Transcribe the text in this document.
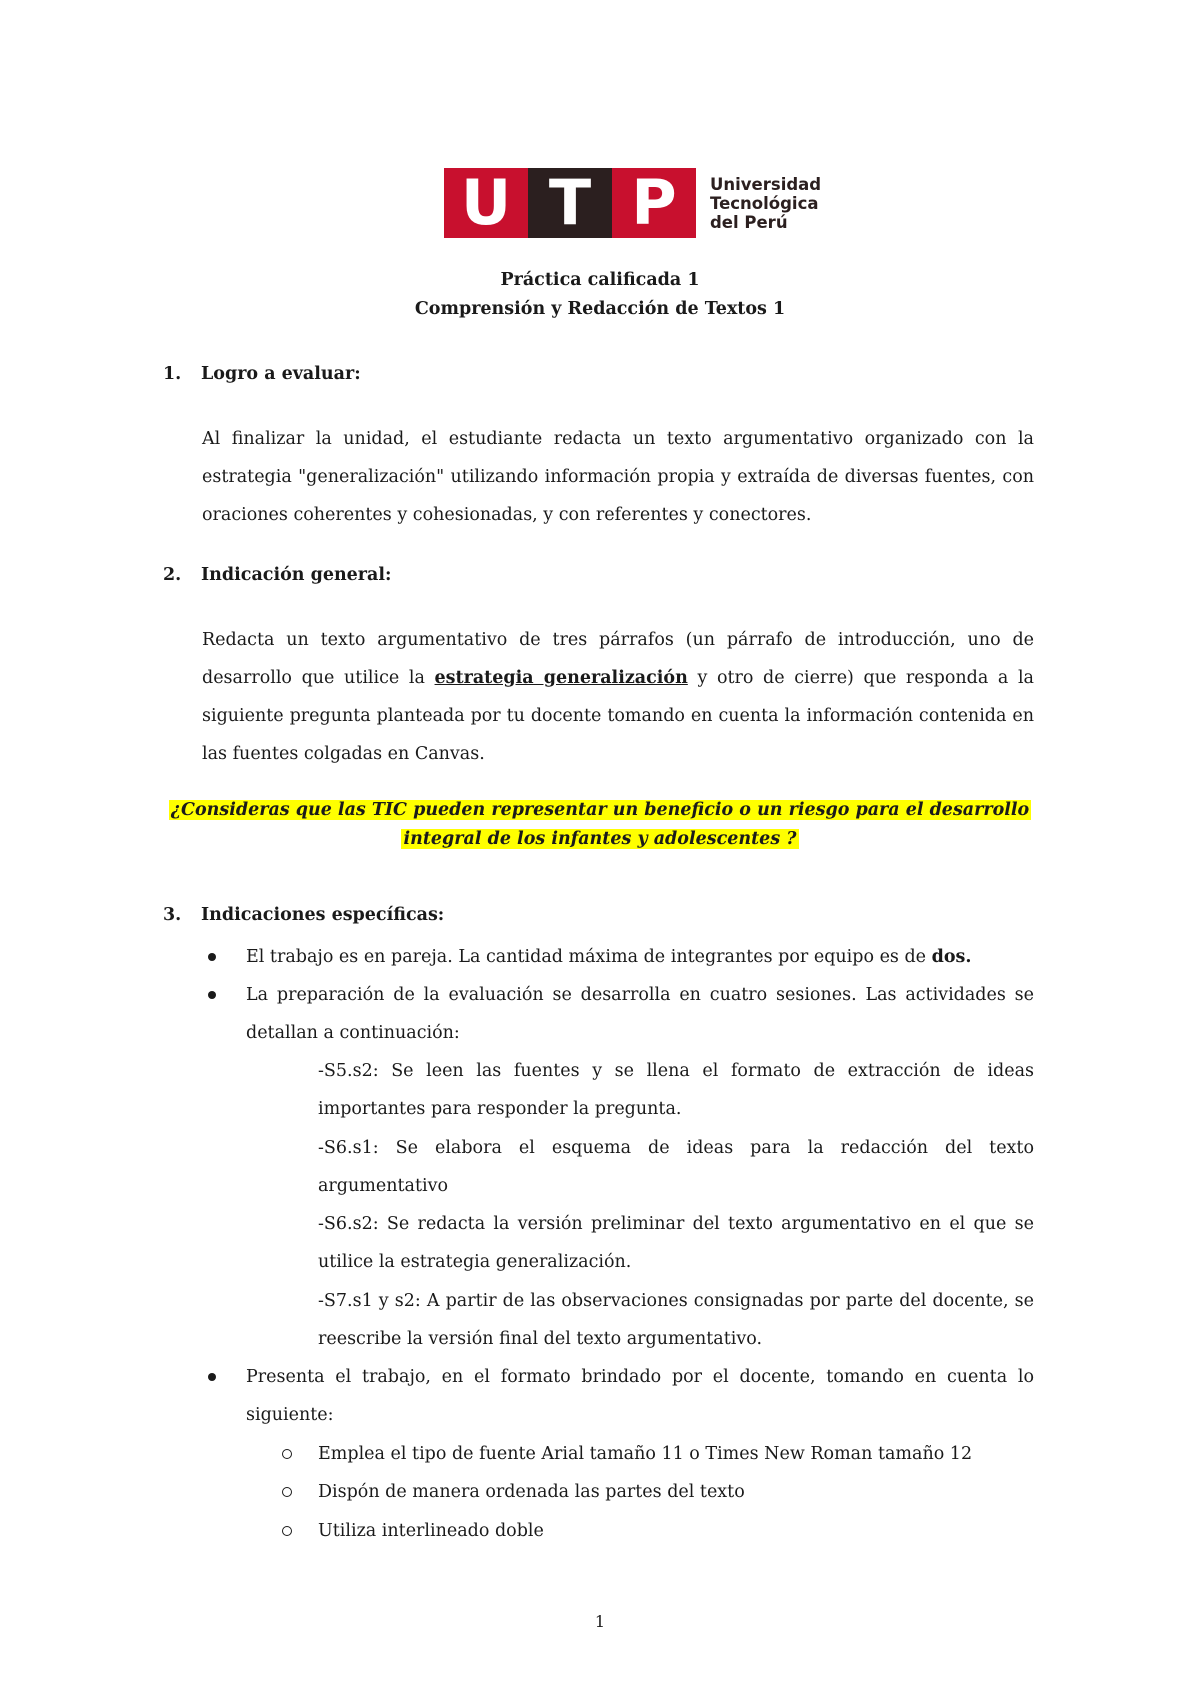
U T P	Universidad
Tecnológica
del Perú
Práctica calificada 1
Comprensión y Redacción de Textos 1
1. Logro a evaluar:
Al finalizar la unidad, el estudiante redacta un texto argumentativo organizado con la
estrategia "generalización" utilizando información propia y extraída de diversas fuentes, con
oraciones coherentes y cohesionadas, y con referentes y conectores.
2. Indicación general:
Redacta un texto argumentativo de tres párrafos (un párrafo de introducción, uno de
desarrollo que utilice la estrategia generalización y otro de cierre) que responda a la
siguiente pregunta planteada por tu docente tomando en cuenta la información contenida en
las fuentes colgadas en Canvas.
¿Consideras que las TIC pueden representar un beneficio o un riesgo para el desarrollo
integral de los infantes y adolescentes ?
3. Indicaciones específicas:
El trabajo es en pareja. La cantidad máxima de integrantes por equipo es de dos.
La preparación de la evaluación se desarrolla en cuatro sesiones. Las actividades se
detallan a continuación:
-S5.s2: Se leen las fuentes y se llena el formato de extracción de ideas
importantes para responder la pregunta.
-S6.s1: Se elabora el esquema de ideas para la redacción del texto
argumentativo
-S6.s2: Se redacta la versión preliminar del texto argumentativo en el que se
utilice la estrategia generalización.
-S7.s1 y s2: A partir de las observaciones consignadas por parte del docente, se
reescribe la versión final del texto argumentativo.
Presenta el trabajo, en el formato brindado por el docente, tomando en cuenta lo
siguiente:
Emplea el tipo de fuente Arial tamaño 11 o Times New Roman tamaño 12
Dispón de manera ordenada las partes del texto
Utiliza interlineado doble
1
